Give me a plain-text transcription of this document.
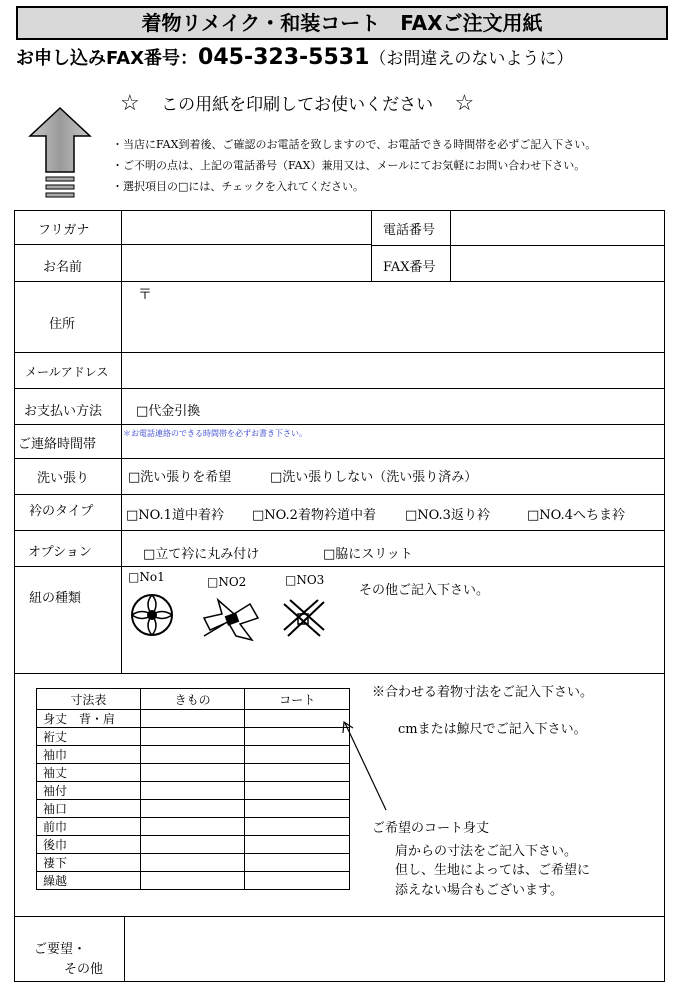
着物リメイク・和装コート　FAXご注文用紙
お申し込みFAX番号：045-323-5531（お問違えのないように）
☆ この用紙を印刷してお使いください ☆
・当店にFAX到着後、ご確認のお電話を致しますので、お電話できる時間帯を必ずご記入下さい。
・ご不明の点は、上記の電話番号（FAX）兼用又は、メールにてお気軽にお問い合わせ下さい。
・選択項目の□には、チェックを入れてください。
フリガナ
お名前
電話番号
FAX番号
住所
〒
メールアドレス
お支払い方法	□代金引換
ご連絡時間帯
＊お電話連絡のできる時間帯を必ずお書き下さい。
洗い張り	□洗い張りを希望	□洗い張りしない（洗い張り済み）
衿のタイプ	□NO.1道中着衿 □NO.2着物衿道中着 □NO.3返り衿	□NO.4へちま衿
オプション	□立て衿に丸み付け	□脇にスリット
紐の種類
□No1	□NO2	□NO3
その他ご記入下さい。
寸法表	きもの	コート
身丈　背・肩		
裄丈		
袖巾		
袖丈		
袖付		
袖口		
前巾		
後巾		
褄下		
繰越		
※合わせる着物寸法をご記入下さい。
cmまたは鯨尺でご記入下さい。
ご希望のコート身丈
肩からの寸法をご記入下さい。
但し、生地によっては、ご希望に
添えない場合もございます。
ご要望・
その他
